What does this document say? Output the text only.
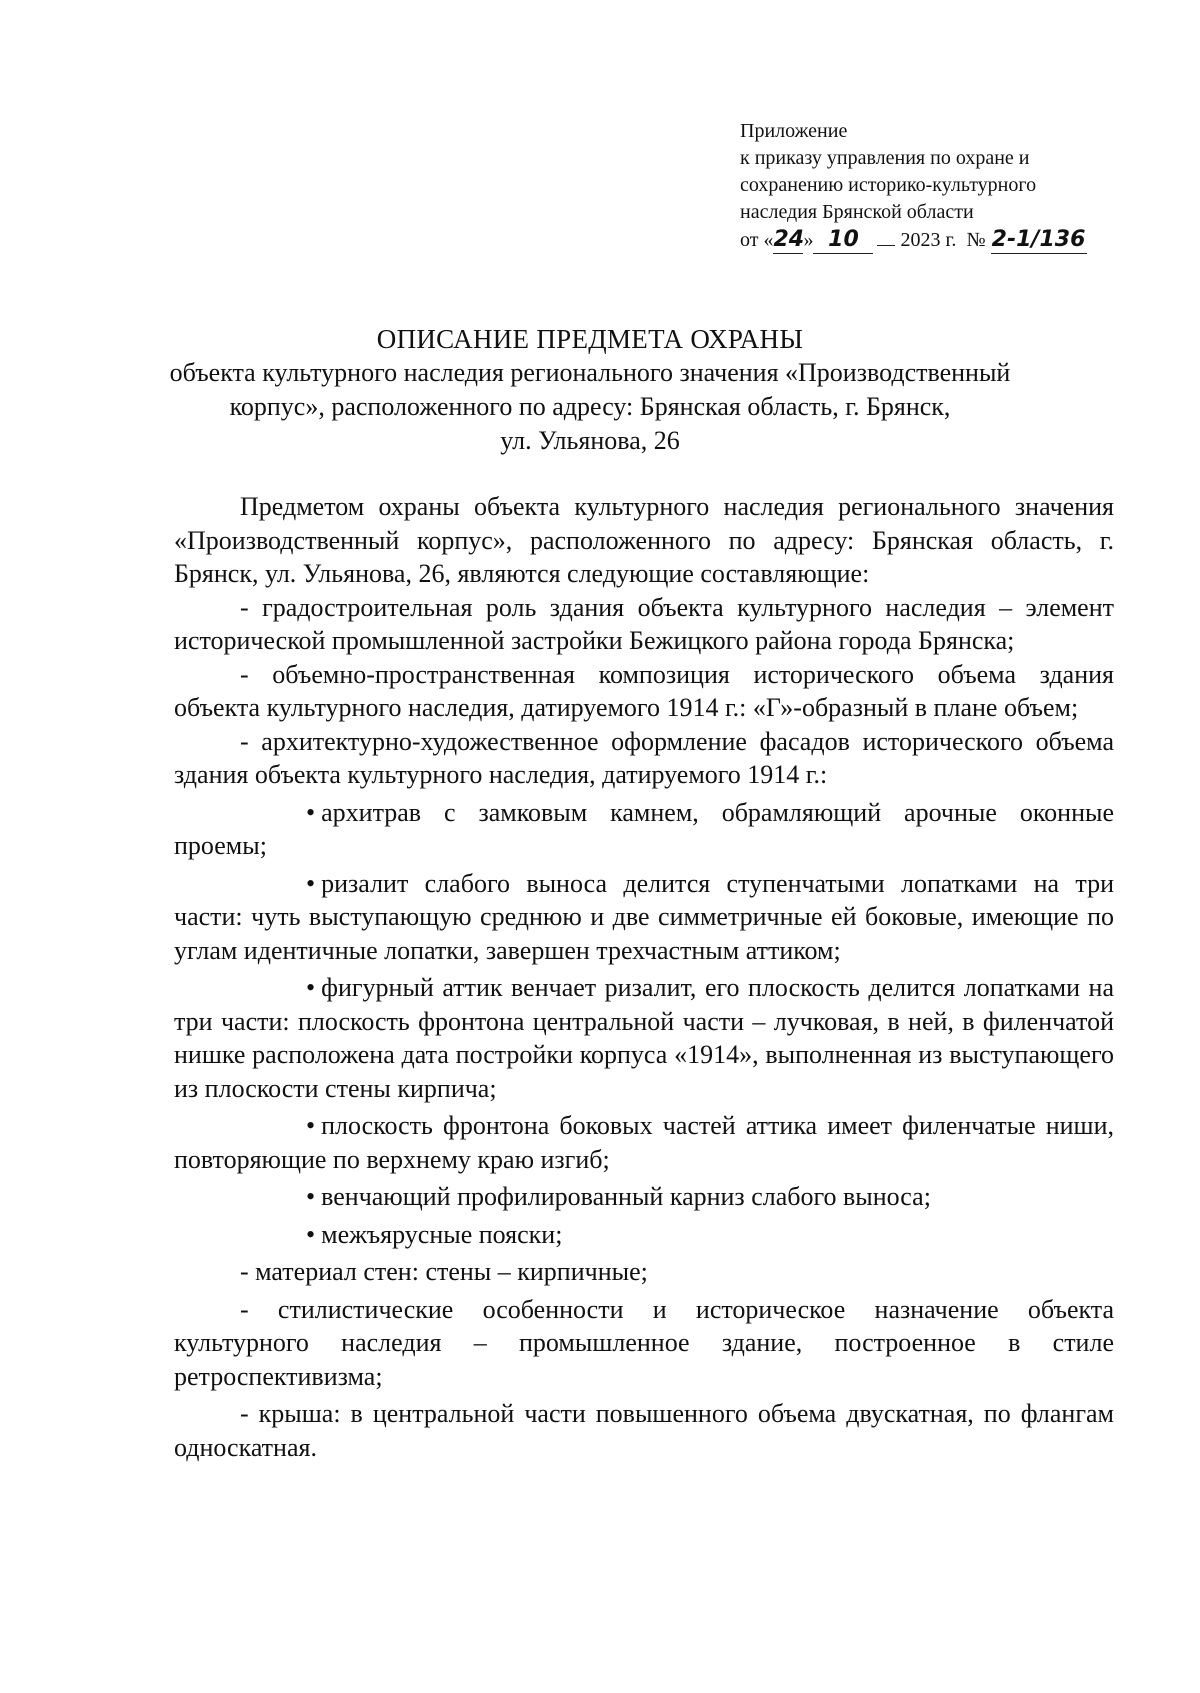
Приложение
к приказу управления по охране и
сохранению историко-культурного
наследия Брянской области
от «24» 10 2023 г. № 2-1/136
ОПИСАНИЕ ПРЕДМЕТА ОХРАНЫ
объекта культурного наследия регионального значения «Производственный
корпус», расположенного по адресу: Брянская область, г. Брянск,
ул. Ульянова, 26

Предметом охраны объекта культурного наследия регионального значения «Производственный корпус», расположенного по адресу: Брянская область, г. Брянск, ул. Ульянова, 26, являются следующие составляющие:

- градостроительная роль здания объекта культурного наследия – элемент исторической промышленной застройки Бежицкого района города Брянска;

- объемно-пространственная композиция исторического объема здания объекта культурного наследия, датируемого 1914 г.: «Г»-образный в плане объем;

- архитектурно-художественное оформление фасадов исторического объема здания объекта культурного наследия, датируемого 1914 г.:

• архитрав с замковым камнем, обрамляющий арочные оконные проемы;

• ризалит слабого выноса делится ступенчатыми лопатками на три части: чуть выступающую среднюю и две симметричные ей боковые, имеющие по углам идентичные лопатки, завершен трехчастным аттиком;

• фигурный аттик венчает ризалит, его плоскость делится лопатками на три части: плоскость фронтона центральной части – лучковая, в ней, в филенчатой нишке расположена дата постройки корпуса «1914», выполненная из выступающего из плоскости стены кирпича;

• плоскость фронтона боковых частей аттика имеет филенчатые ниши, повторяющие по верхнему краю изгиб;

• венчающий профилированный карниз слабого выноса;

• межъярусные пояски;

- материал стен: стены – кирпичные;

- стилистические особенности и историческое назначение объекта культурного наследия – промышленное здание, построенное в стиле ретроспективизма;

- крыша: в центральной части повышенного объема двускатная, по флангам односкатная.
